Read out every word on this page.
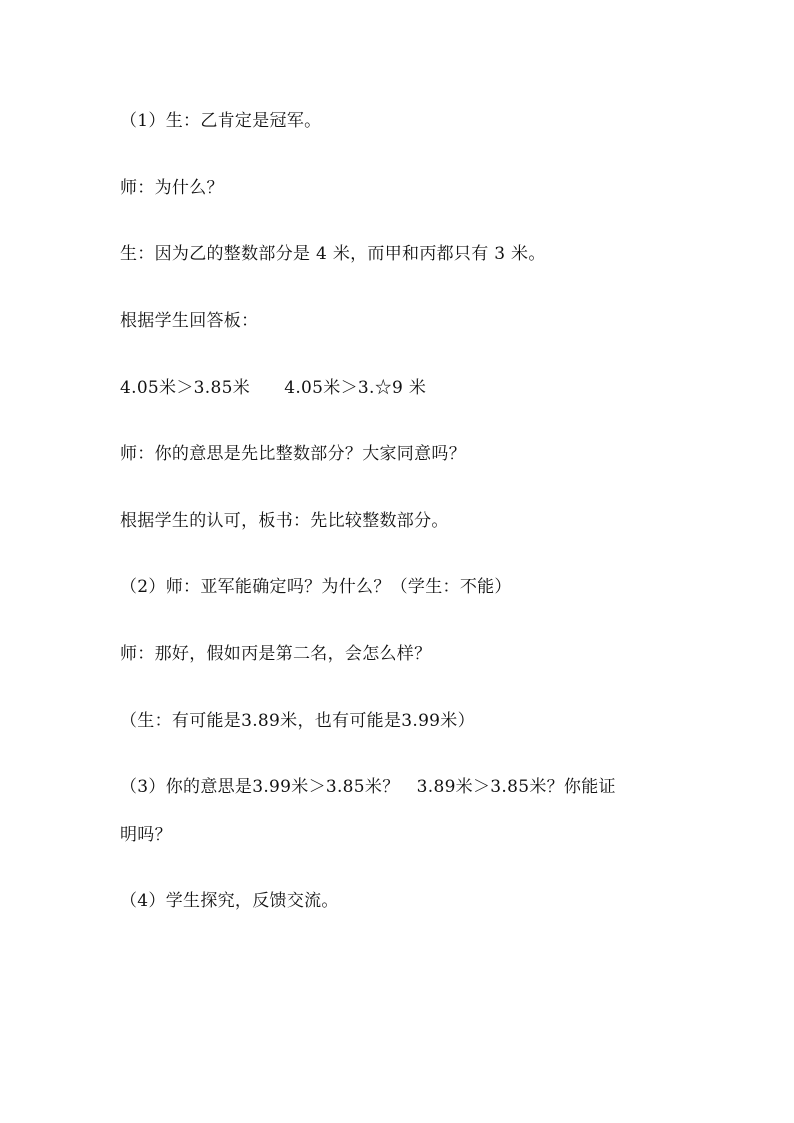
（1）生：乙肯定是冠军。
师：为什么？
生：因为乙的整数部分是 4 米，而甲和丙都只有 3 米。
根据学生回答板：
4.05米＞3.85米      4.05米＞3.☆9 米
师：你的意思是先比整数部分？大家同意吗？
根据学生的认可，板书：先比较整数部分。
（2）师：亚军能确定吗？为什么？（学生：不能）
师：那好，假如丙是第二名，会怎么样？
（生：有可能是3.89米，也有可能是3.99米）
（3）你的意思是3.99米＞3.85米？   3.89米＞3.85米？你能证
明吗？
（4）学生探究，反馈交流。
